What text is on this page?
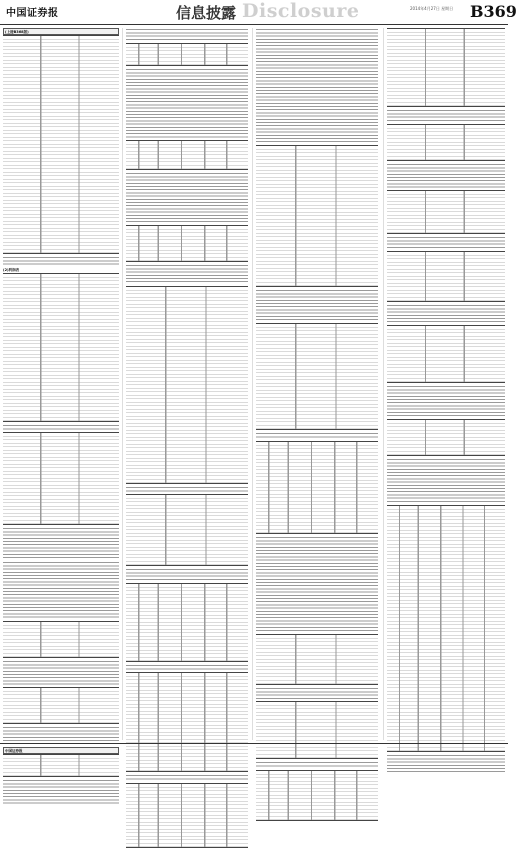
中国证券报	信息披露 Disclosure	2014年4月27日 星期日 B369
(上接B368版)
(2)利润表
中国证券报
